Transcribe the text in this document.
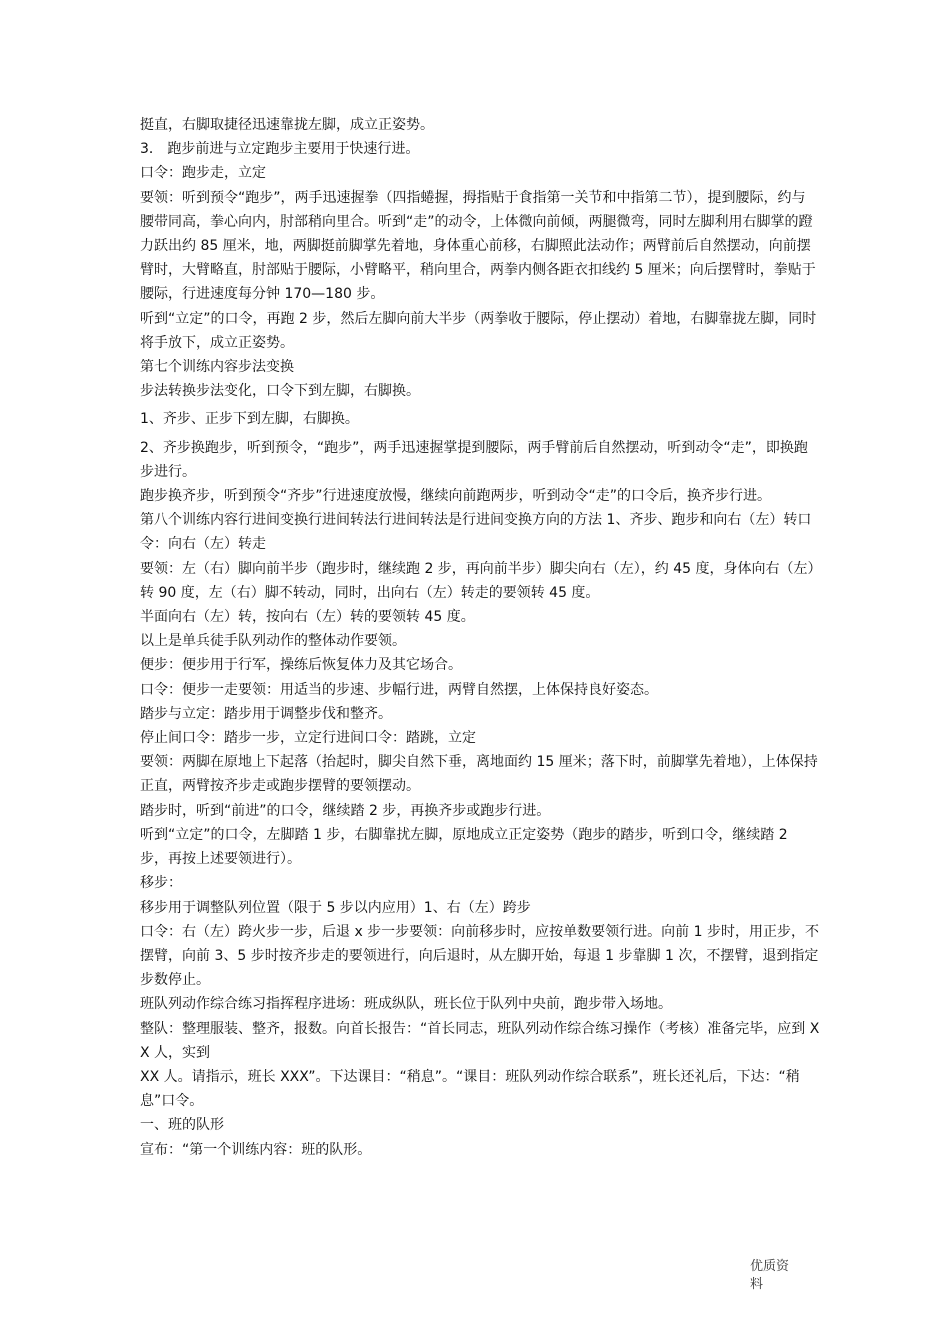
挺直，右脚取捷径迅速靠拢左脚，成立正姿势。

3． 跑步前进与立定跑步主要用于快速行进。

口令：跑步走，立定

要领：听到预令“跑步”，两手迅速握拳（四指蜷握，拇指贴于食指第一关节和中指第二节），提到腰际，约与腰带同高，拳心向内，肘部稍向里合。听到“走”的动令，上体微向前倾，两腿微弯，同时左脚利用右脚掌的蹬力跃出约 85 厘米，地，两脚挺前脚掌先着地，身体重心前移，右脚照此法动作；两臂前后自然摆动，向前摆臂时，大臂略直，肘部贴于腰际，小臂略平，稍向里合，两拳内侧各距衣扣线约 5 厘米；向后摆臂时，拳贴于腰际，行进速度每分钟 170—180 步。

听到“立定”的口令，再跑 2 步，然后左脚向前大半步（两拳收于腰际，停止摆动）着地，右脚靠拢左脚，同时将手放下，成立正姿势。

第七个训练内容步法变换

步法转换步法变化，口令下到左脚，右脚换。

1、齐步、正步下到左脚，右脚换。

2、齐步换跑步，听到预令，“跑步”，两手迅速握掌提到腰际，两手臂前后自然摆动，听到动令“走”，即换跑步进行。

跑步换齐步，听到预令“齐步”行进速度放慢，继续向前跑两步，听到动令“走”的口令后，换齐步行进。

第八个训练内容行进间变换行进间转法行进间转法是行进间变换方向的方法 1、齐步、跑步和向右（左）转口令：向右（左）转走

要领：左（右）脚向前半步（跑步时，继续跑 2 步，再向前半步）脚尖向右（左），约 45 度，身体向右（左）转 90 度，左（右）脚不转动，同时，出向右（左）转走的要领转 45 度。

半面向右（左）转，按向右（左）转的要领转 45 度。

以上是单兵徒手队列动作的整体动作要领。

便步：便步用于行军，操练后恢复体力及其它场合。

口令：便步一走要领：用适当的步速、步幅行进，两臂自然摆，上体保持良好姿态。

踏步与立定：踏步用于调整步伐和整齐。

停止间口令：踏步一步，立定行进间口令：踏跳，立定

要领：两脚在原地上下起落（抬起时，脚尖自然下垂，离地面约 15 厘米；落下时，前脚掌先着地），上体保持正直，两臂按齐步走或跑步摆臂的要领摆动。

踏步时，听到“前进”的口令，继续踏 2 步，再换齐步或跑步行进。

听到“立定”的口令，左脚踏 1 步，右脚靠扰左脚，原地成立正定姿势（跑步的踏步，听到口令，继续踏 2 步，再按上述要领进行）。

移步：

移步用于调整队列位置（限于 5 步以内应用）1、右（左）跨步

口令：右（左）跨火步一步，后退 x 步一步要领：向前移步时，应按单数要领行进。向前 1 步时，用正步，不摆臂，向前 3、5 步时按齐步走的要领进行，向后退时，从左脚开始，每退 1 步靠脚 1 次，不摆臂，退到指定步数停止。

班队列动作综合练习指挥程序进场：班成纵队，班长位于队列中央前，跑步带入场地。

整队：整理服装、整齐，报数。向首长报告：“首长同志，班队列动作综合练习操作（考核）准备完毕，应到 XX 人，实到

XX 人。请指示，班长 XXX”。下达课目：“稍息”。“课目：班队列动作综合联系”，班长还礼后，下达：“稍息”口令。

一、班的队形

宣布：“第一个训练内容：班的队形。

优质资料
